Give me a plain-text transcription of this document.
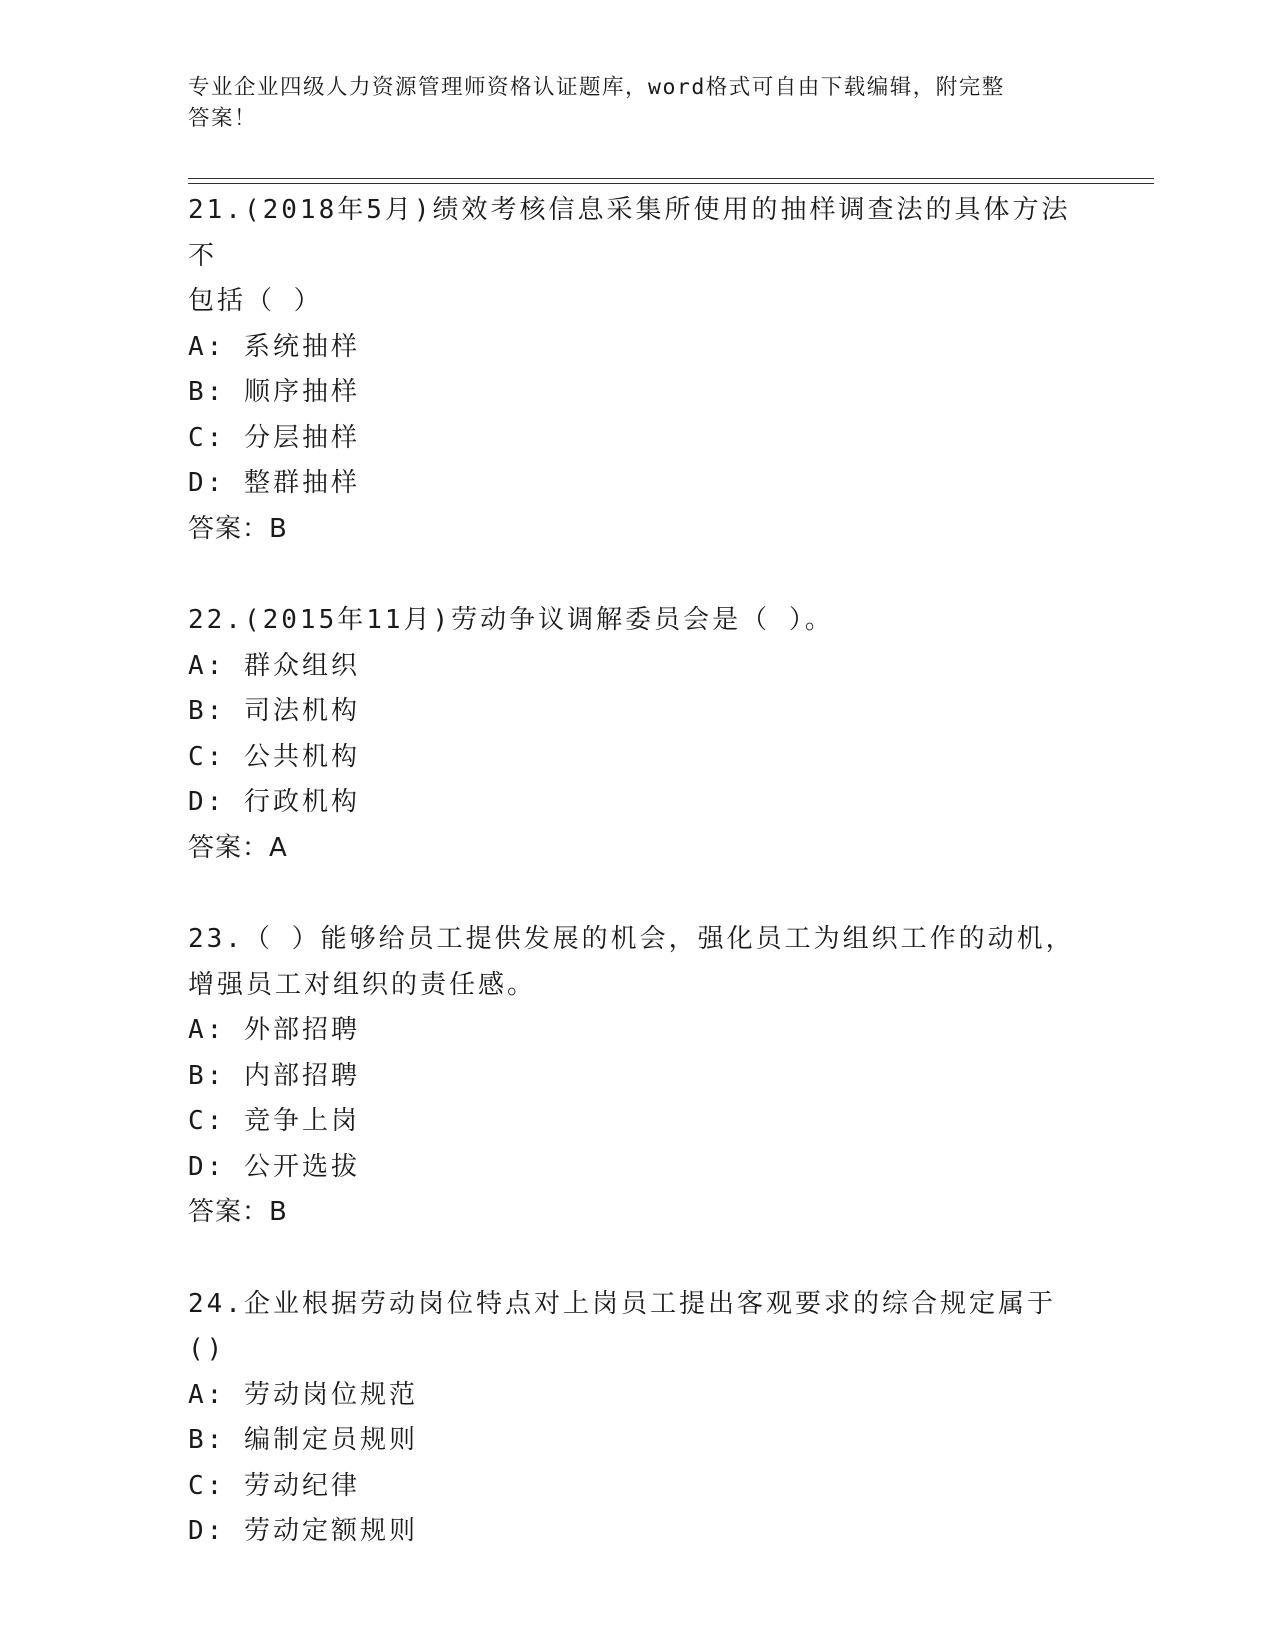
专业企业四级人力资源管理师资格认证题库，word格式可自由下载编辑，附完整
答案！
21.(2018年5月)绩效考核信息采集所使用的抽样调查法的具体方法不
包括（ ）
A: 系统抽样
B: 顺序抽样
C: 分层抽样
D: 整群抽样
答案：B
22.(2015年11月)劳动争议调解委员会是（ ）。
A: 群众组织
B: 司法机构
C: 公共机构
D: 行政机构
答案：A
23.（ ）能够给员工提供发展的机会，强化员工为组织工作的动机，
增强员工对组织的责任感。
A: 外部招聘
B: 内部招聘
C: 竞争上岗
D: 公开选拔
答案：B
24.企业根据劳动岗位特点对上岗员工提出客观要求的综合规定属于()
A: 劳动岗位规范
B: 编制定员规则
C: 劳动纪律
D: 劳动定额规则
